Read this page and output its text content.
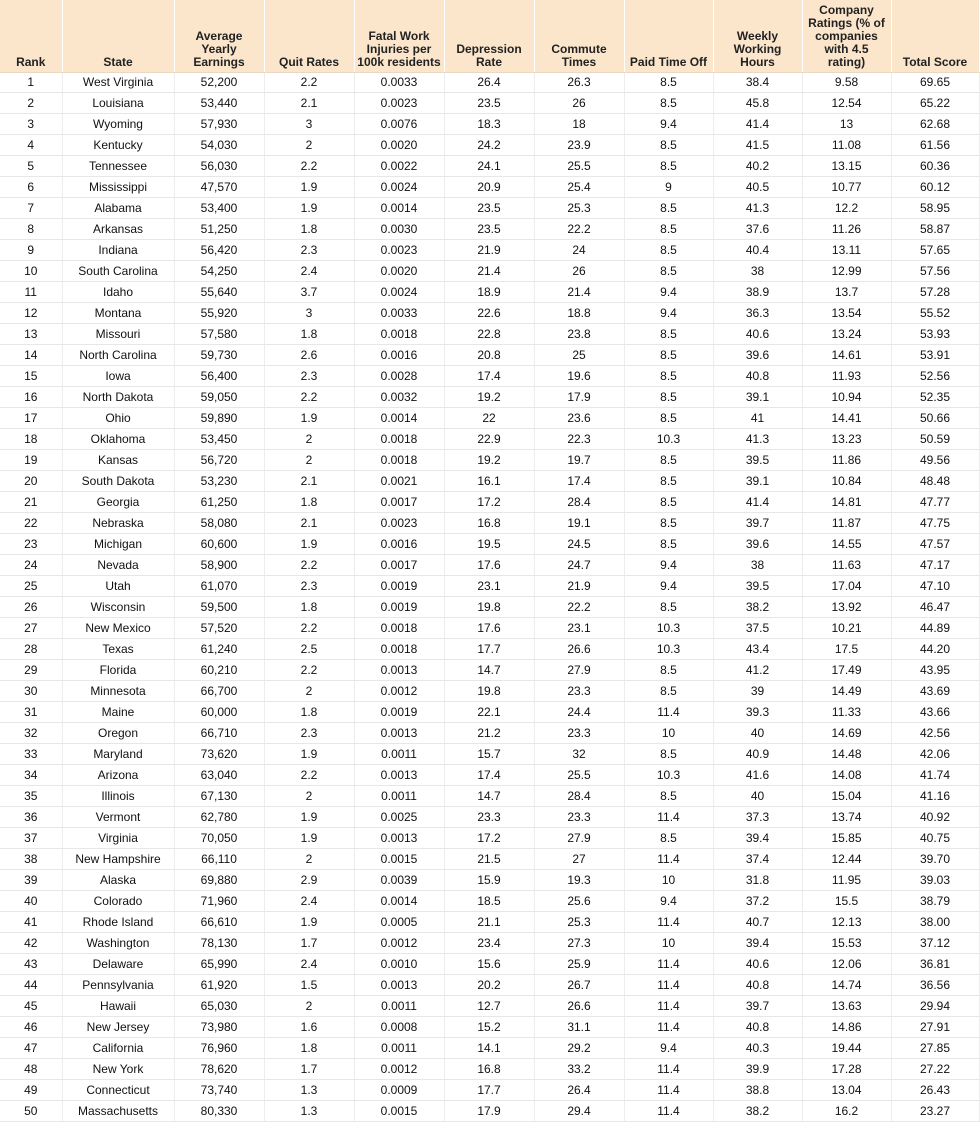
Rank	State	Average Yearly Earnings	Quit Rates	Fatal Work Injuries per 100k residents	Depression Rate	Commute Times	Paid Time Off	Weekly Working Hours	Company Ratings (% of companies with 4.5 rating)	Total Score
1	West Virginia	52,200	2.2	0.0033	26.4	26.3	8.5	38.4	9.58	69.65
2	Louisiana	53,440	2.1	0.0023	23.5	26	8.5	45.8	12.54	65.22
3	Wyoming	57,930	3	0.0076	18.3	18	9.4	41.4	13	62.68
4	Kentucky	54,030	2	0.0020	24.2	23.9	8.5	41.5	11.08	61.56
5	Tennessee	56,030	2.2	0.0022	24.1	25.5	8.5	40.2	13.15	60.36
6	Mississippi	47,570	1.9	0.0024	20.9	25.4	9	40.5	10.77	60.12
7	Alabama	53,400	1.9	0.0014	23.5	25.3	8.5	41.3	12.2	58.95
8	Arkansas	51,250	1.8	0.0030	23.5	22.2	8.5	37.6	11.26	58.87
9	Indiana	56,420	2.3	0.0023	21.9	24	8.5	40.4	13.11	57.65
10	South Carolina	54,250	2.4	0.0020	21.4	26	8.5	38	12.99	57.56
11	Idaho	55,640	3.7	0.0024	18.9	21.4	9.4	38.9	13.7	57.28
12	Montana	55,920	3	0.0033	22.6	18.8	9.4	36.3	13.54	55.52
13	Missouri	57,580	1.8	0.0018	22.8	23.8	8.5	40.6	13.24	53.93
14	North Carolina	59,730	2.6	0.0016	20.8	25	8.5	39.6	14.61	53.91
15	Iowa	56,400	2.3	0.0028	17.4	19.6	8.5	40.8	11.93	52.56
16	North Dakota	59,050	2.2	0.0032	19.2	17.9	8.5	39.1	10.94	52.35
17	Ohio	59,890	1.9	0.0014	22	23.6	8.5	41	14.41	50.66
18	Oklahoma	53,450	2	0.0018	22.9	22.3	10.3	41.3	13.23	50.59
19	Kansas	56,720	2	0.0018	19.2	19.7	8.5	39.5	11.86	49.56
20	South Dakota	53,230	2.1	0.0021	16.1	17.4	8.5	39.1	10.84	48.48
21	Georgia	61,250	1.8	0.0017	17.2	28.4	8.5	41.4	14.81	47.77
22	Nebraska	58,080	2.1	0.0023	16.8	19.1	8.5	39.7	11.87	47.75
23	Michigan	60,600	1.9	0.0016	19.5	24.5	8.5	39.6	14.55	47.57
24	Nevada	58,900	2.2	0.0017	17.6	24.7	9.4	38	11.63	47.17
25	Utah	61,070	2.3	0.0019	23.1	21.9	9.4	39.5	17.04	47.10
26	Wisconsin	59,500	1.8	0.0019	19.8	22.2	8.5	38.2	13.92	46.47
27	New Mexico	57,520	2.2	0.0018	17.6	23.1	10.3	37.5	10.21	44.89
28	Texas	61,240	2.5	0.0018	17.7	26.6	10.3	43.4	17.5	44.20
29	Florida	60,210	2.2	0.0013	14.7	27.9	8.5	41.2	17.49	43.95
30	Minnesota	66,700	2	0.0012	19.8	23.3	8.5	39	14.49	43.69
31	Maine	60,000	1.8	0.0019	22.1	24.4	11.4	39.3	11.33	43.66
32	Oregon	66,710	2.3	0.0013	21.2	23.3	10	40	14.69	42.56
33	Maryland	73,620	1.9	0.0011	15.7	32	8.5	40.9	14.48	42.06
34	Arizona	63,040	2.2	0.0013	17.4	25.5	10.3	41.6	14.08	41.74
35	Illinois	67,130	2	0.0011	14.7	28.4	8.5	40	15.04	41.16
36	Vermont	62,780	1.9	0.0025	23.3	23.3	11.4	37.3	13.74	40.92
37	Virginia	70,050	1.9	0.0013	17.2	27.9	8.5	39.4	15.85	40.75
38	New Hampshire	66,110	2	0.0015	21.5	27	11.4	37.4	12.44	39.70
39	Alaska	69,880	2.9	0.0039	15.9	19.3	10	31.8	11.95	39.03
40	Colorado	71,960	2.4	0.0014	18.5	25.6	9.4	37.2	15.5	38.79
41	Rhode Island	66,610	1.9	0.0005	21.1	25.3	11.4	40.7	12.13	38.00
42	Washington	78,130	1.7	0.0012	23.4	27.3	10	39.4	15.53	37.12
43	Delaware	65,990	2.4	0.0010	15.6	25.9	11.4	40.6	12.06	36.81
44	Pennsylvania	61,920	1.5	0.0013	20.2	26.7	11.4	40.8	14.74	36.56
45	Hawaii	65,030	2	0.0011	12.7	26.6	11.4	39.7	13.63	29.94
46	New Jersey	73,980	1.6	0.0008	15.2	31.1	11.4	40.8	14.86	27.91
47	California	76,960	1.8	0.0011	14.1	29.2	9.4	40.3	19.44	27.85
48	New York	78,620	1.7	0.0012	16.8	33.2	11.4	39.9	17.28	27.22
49	Connecticut	73,740	1.3	0.0009	17.7	26.4	11.4	38.8	13.04	26.43
50	Massachusetts	80,330	1.3	0.0015	17.9	29.4	11.4	38.2	16.2	23.27
